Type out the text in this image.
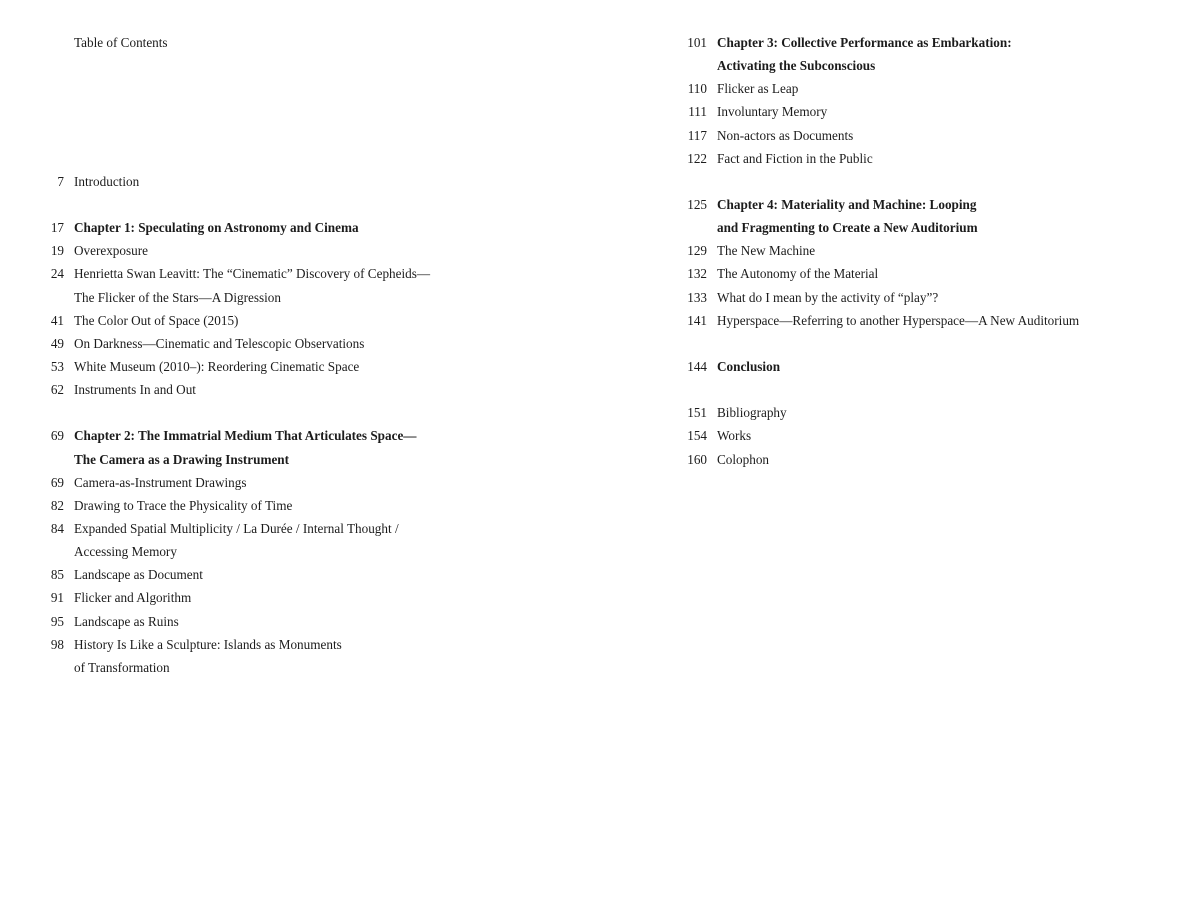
Table of Contents
7 Introduction
17 Chapter 1: Speculating on Astronomy and Cinema
19 Overexposure
24 Henrietta Swan Leavitt: The “Cinematic” Discovery of Cepheids—
The Flicker of the Stars—A Digression
41 The Color Out of Space (2015)
49 On Darkness—Cinematic and Telescopic Observations
53 White Museum (2010–): Reordering Cinematic Space
62 Instruments In and Out
69 Chapter 2: The Immatrial Medium That Articulates Space—
The Camera as a Drawing Instrument
69 Camera-as-Instrument Drawings
82 Drawing to Trace the Physicality of Time
84 Expanded Spatial Multiplicity / La Durée / Internal Thought /
Accessing Memory
85 Landscape as Document
91 Flicker and Algorithm
95 Landscape as Ruins
98 History Is Like a Sculpture: Islands as Monuments
of Transformation
101 Chapter 3: Collective Performance as Embarkation:
Activating the Subconscious
110 Flicker as Leap
111 Involuntary Memory
117 Non-actors as Documents
122 Fact and Fiction in the Public
125 Chapter 4: Materiality and Machine: Looping
and Fragmenting to Create a New Auditorium
129 The New Machine
132 The Autonomy of the Material
133 What do I mean by the activity of “play”?
141 Hyperspace—Referring to another Hyperspace—A New Auditorium
144 Conclusion
151 Bibliography
154 Works
160 Colophon
